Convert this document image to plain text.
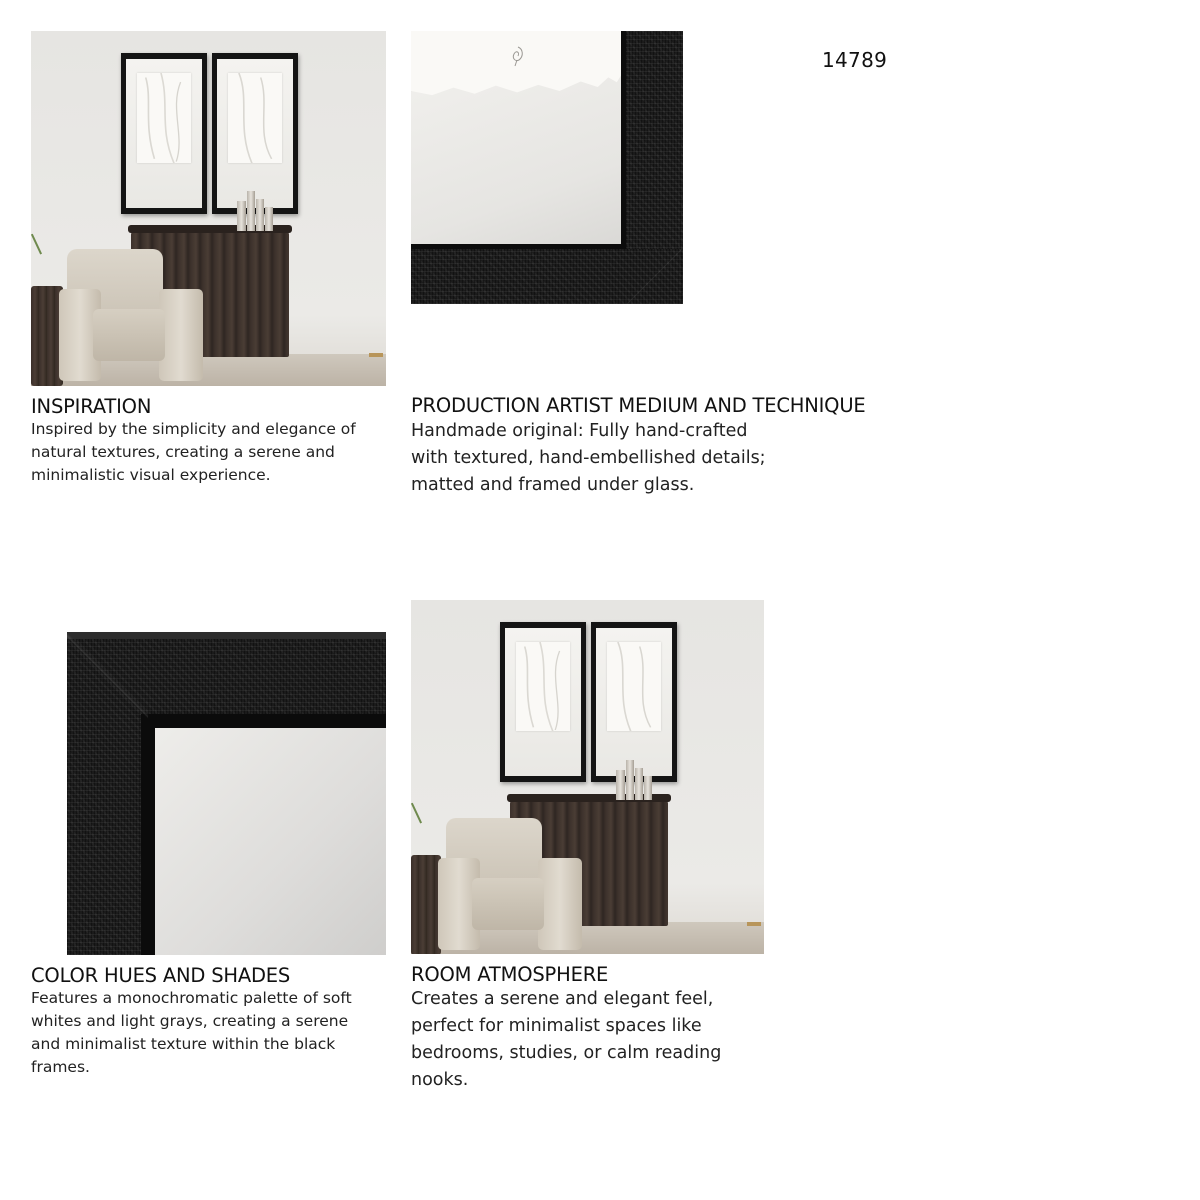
14789
INSPIRATION
Inspired by the simplicity and elegance of natural textures, creating a serene and minimalistic visual experience.
PRODUCTION ARTIST MEDIUM AND TECHNIQUE
Handmade original: Fully hand-crafted
with textured, hand-embellished details;
matted and framed under glass.
COLOR HUES AND SHADES
Features a monochromatic palette of soft whites and light grays, creating a serene and minimalist texture within the black frames.
ROOM ATMOSPHERE
Creates a serene and elegant feel,
perfect for minimalist spaces like
bedrooms, studies, or calm reading
nooks.
